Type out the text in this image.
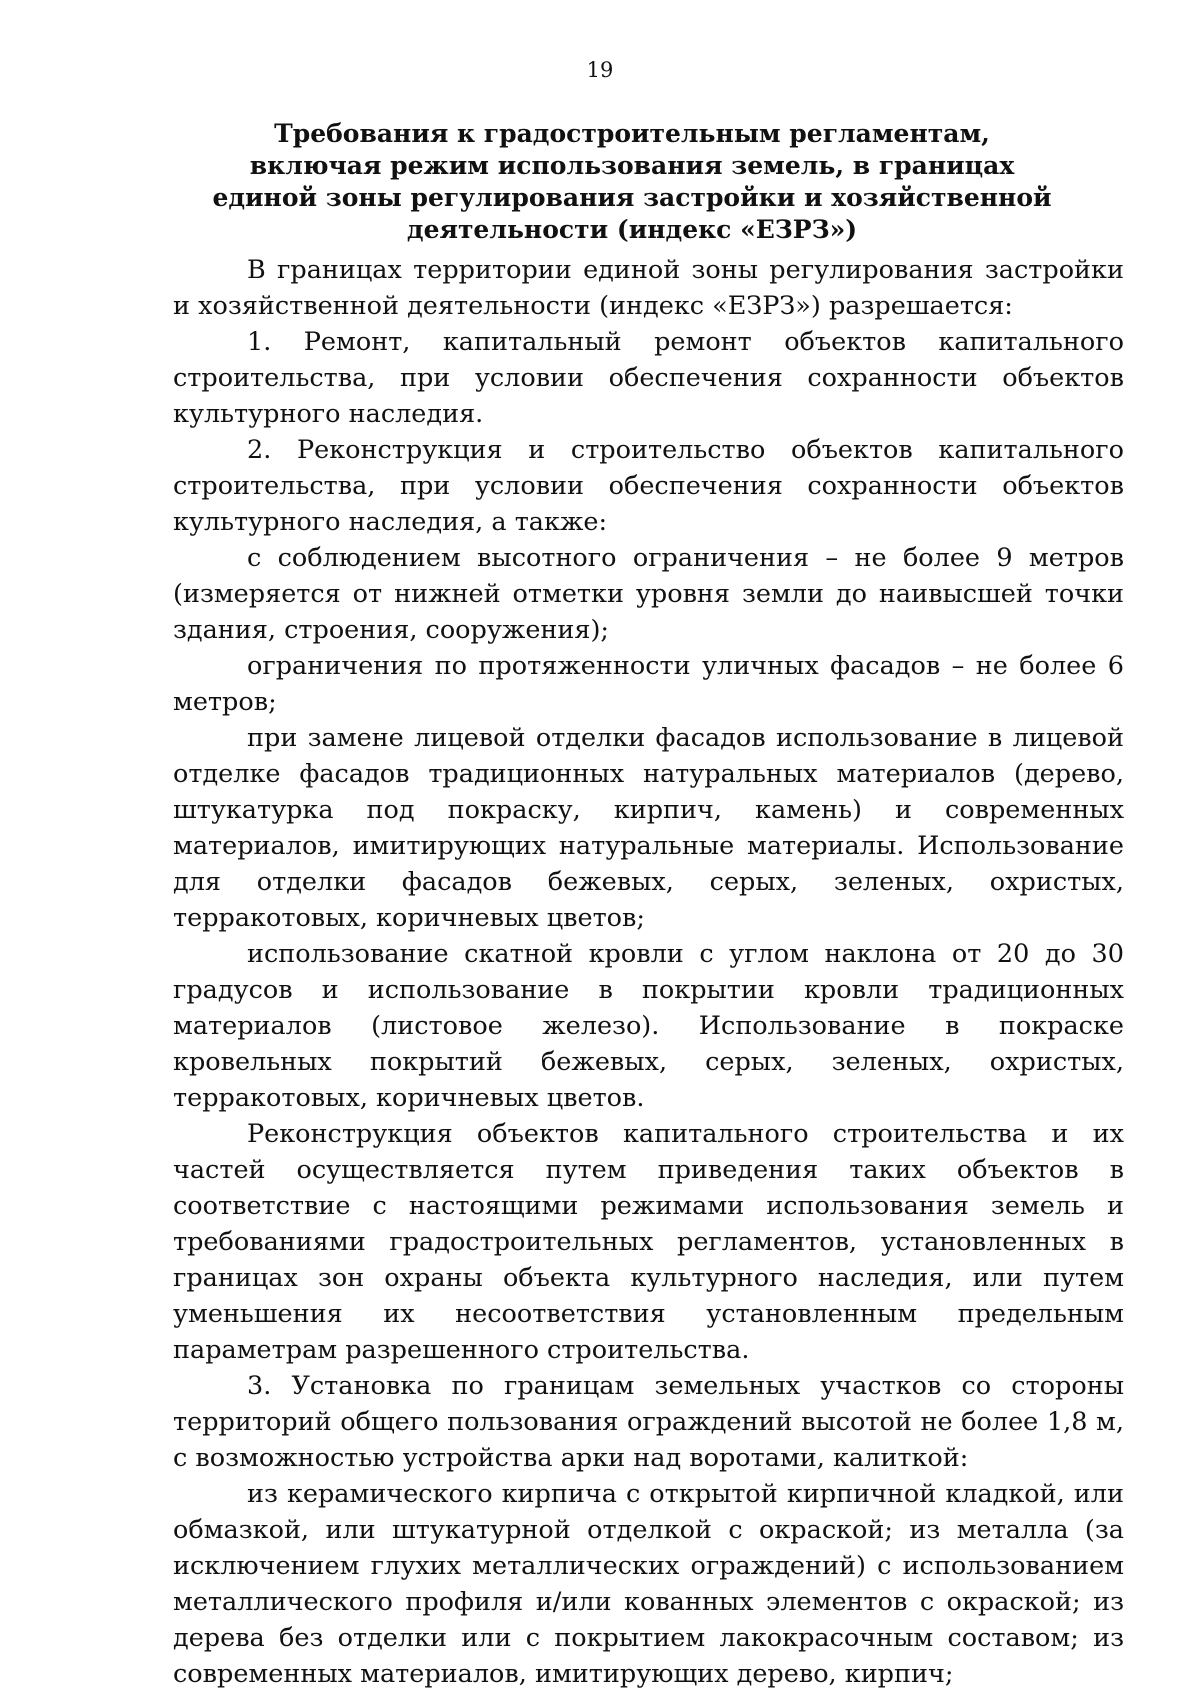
19
Требования к градостроительным регламентам, включая режим использования земель, в границах единой зоны регулирования застройки и хозяйственной деятельности (индекс «ЕЗРЗ»)

В границах территории единой зоны регулирования застройки и хозяйственной деятельности (индекс «ЕЗРЗ») разрешается:

1. Ремонт, капитальный ремонт объектов капитального строительства, при условии обеспечения сохранности объектов культурного наследия.

2. Реконструкция и строительство объектов капитального строительства, при условии обеспечения сохранности объектов культурного наследия, а также:

с соблюдением высотного ограничения – не более 9 метров (измеряется от нижней отметки уровня земли до наивысшей точки здания, строения, сооружения);

ограничения по протяженности уличных фасадов – не более 6 метров;

при замене лицевой отделки фасадов использование в лицевой отделке фасадов традиционных натуральных материалов (дерево, штукатурка под покраску, кирпич, камень) и современных материалов, имитирующих натуральные материалы. Использование для отделки фасадов бежевых, серых, зеленых, охристых, терракотовых, коричневых цветов;

использование скатной кровли с углом наклона от 20 до 30 градусов и использование в покрытии кровли традиционных материалов (листовое железо). Использование в покраске кровельных покрытий бежевых, серых, зеленых, охристых, терракотовых, коричневых цветов.

Реконструкция объектов капитального строительства и их частей осуществляется путем приведения таких объектов в соответствие с настоящими режимами использования земель и требованиями градостроительных регламентов, установленных в границах зон охраны объекта культурного наследия, или путем уменьшения их несоответствия установленным предельным параметрам разрешенного строительства.

3. Установка по границам земельных участков со стороны территорий общего пользования ограждений высотой не более 1,8 м, с возможностью устройства арки над воротами, калиткой:

из керамического кирпича с открытой кирпичной кладкой, или обмазкой, или штукатурной отделкой с окраской; из металла (за исключением глухих металлических ограждений) с использованием металлического профиля и/или кованных элементов с окраской; из дерева без отделки или с покрытием лакокрасочным составом; из современных материалов, имитирующих дерево, кирпич;
